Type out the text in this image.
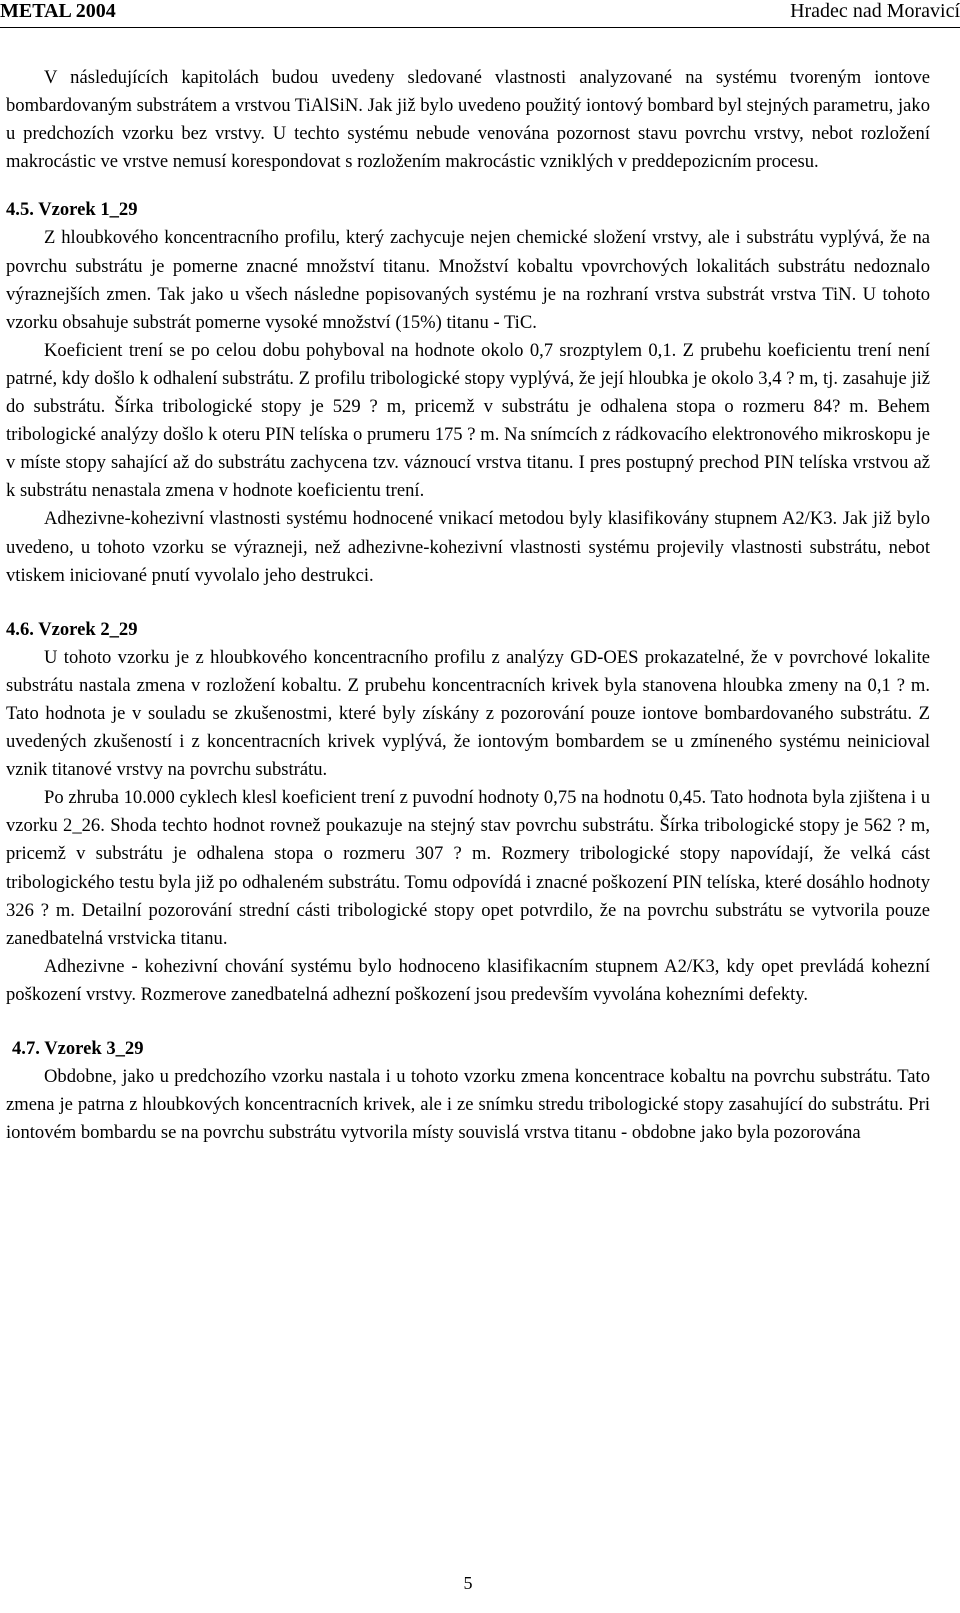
METAL 2004	Hradec nad Moravicí

V následujících kapitolách budou uvedeny sledované vlastnosti analyzované na systému tvoreným iontove bombardovaným substrátem a vrstvou TiAlSiN. Jak již bylo uvedeno použitý iontový bombard byl stejných parametru, jako u predchozích vzorku bez vrstvy. U techto systému nebude venována pozornost stavu povrchu vrstvy, nebot rozložení makrocástic ve vrstve nemusí korespondovat s rozložením makrocástic vzniklých v preddepozicním procesu.

4.5. Vzorek 1_29

Z hloubkového koncentracního profilu, který zachycuje nejen chemické složení vrstvy, ale i substrátu vyplývá, že na povrchu substrátu je pomerne znacné množství titanu. Množství kobaltu vpovrchových lokalitách substrátu nedoznalo výraznejších zmen. Tak jako u všech následne popisovaných systému je na rozhraní vrstva substrát vrstva TiN. U tohoto vzorku obsahuje substrát pomerne vysoké množství (15%) titanu - TiC.

Koeficient trení se po celou dobu pohyboval na hodnote okolo 0,7 srozptylem 0,1. Z prubehu koeficientu trení není patrné, kdy došlo k odhalení substrátu. Z profilu tribologické stopy vyplývá, že její hloubka je okolo 3,4 ? m, tj. zasahuje již do substrátu. Šírka tribologické stopy je 529 ? m, pricemž v substrátu je odhalena stopa o rozmeru 84? m. Behem tribologické analýzy došlo k oteru PIN telíska o prumeru 175 ? m. Na snímcích z rádkovacího elektronového mikroskopu je v míste stopy sahající až do substrátu zachycena tzv. váznoucí vrstva titanu. I pres postupný prechod PIN telíska vrstvou až k substrátu nenastala zmena v hodnote koeficientu trení.

Adhezivne-kohezivní vlastnosti systému hodnocené vnikací metodou byly klasifikovány stupnem A2/K3. Jak již bylo uvedeno, u tohoto vzorku se výrazneji, než adhezivne-kohezivní vlastnosti systému projevily vlastnosti substrátu, nebot vtiskem iniciované pnutí vyvolalo jeho destrukci.

4.6. Vzorek 2_29

U tohoto vzorku je z hloubkového koncentracního profilu z analýzy GD-OES prokazatelné, že v povrchové lokalite substrátu nastala zmena v rozložení kobaltu. Z prubehu koncentracních krivek byla stanovena hloubka zmeny na 0,1 ? m. Tato hodnota je v souladu se zkušenostmi, které byly získány z pozorování pouze iontove bombardovaného substrátu. Z uvedených zkušeností i z koncentracních krivek vyplývá, že iontovým bombardem se u zmíneného systému neinicioval vznik titanové vrstvy na povrchu substrátu.

Po zhruba 10.000 cyklech klesl koeficient trení z puvodní hodnoty 0,75 na hodnotu 0,45. Tato hodnota byla zjištena i u vzorku 2_26. Shoda techto hodnot rovnež poukazuje na stejný stav povrchu substrátu. Šírka tribologické stopy je 562 ? m, pricemž v substrátu je odhalena stopa o rozmeru 307 ? m. Rozmery tribologické stopy napovídají, že velká cást tribologického testu byla již po odhaleném substrátu. Tomu odpovídá i znacné poškození PIN telíska, které dosáhlo hodnoty 326 ? m. Detailní pozorování strední cásti tribologické stopy opet potvrdilo, že na povrchu substrátu se vytvorila pouze zanedbatelná vrstvicka titanu.

Adhezivne - kohezivní chování systému bylo hodnoceno klasifikacním stupnem A2/K3, kdy opet prevládá kohezní poškození vrstvy. Rozmerove zanedbatelná adhezní poškození jsou predevším vyvolána kohezními defekty.

4.7. Vzorek 3_29

Obdobne, jako u predchozího vzorku nastala i u tohoto vzorku zmena koncentrace kobaltu na povrchu substrátu. Tato zmena je patrna z hloubkových koncentracních krivek, ale i ze snímku stredu tribologické stopy zasahující do substrátu. Pri iontovém bombardu se na povrchu substrátu vytvorila místy souvislá vrstva titanu - obdobne jako byla pozorována

5
